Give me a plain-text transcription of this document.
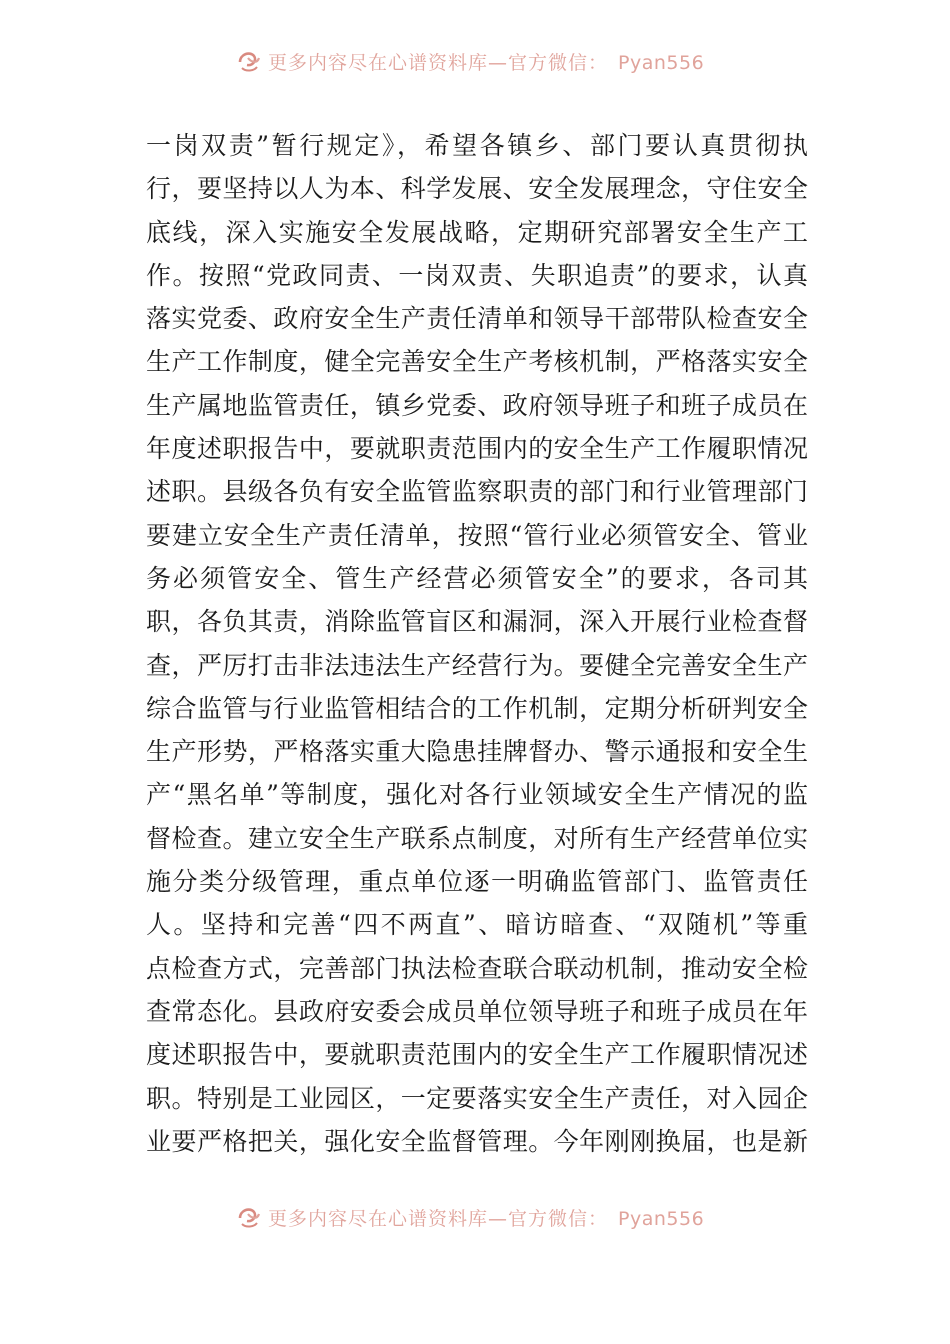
更多内容尽在心谱资料库—官方微信： Pyan556
一岗双责”暂行规定》，希望各镇乡、部门要认真贯彻执
行，要坚持以人为本、科学发展、安全发展理念，守住安全
底线，深入实施安全发展战略，定期研究部署安全生产工
作。按照“党政同责、一岗双责、失职追责”的要求，认真
落实党委、政府安全生产责任清单和领导干部带队检查安全
生产工作制度，健全完善安全生产考核机制，严格落实安全
生产属地监管责任，镇乡党委、政府领导班子和班子成员在
年度述职报告中，要就职责范围内的安全生产工作履职情况
述职。县级各负有安全监管监察职责的部门和行业管理部门
要建立安全生产责任清单，按照“管行业必须管安全、管业
务必须管安全、管生产经营必须管安全”的要求，各司其
职，各负其责，消除监管盲区和漏洞，深入开展行业检查督
查，严厉打击非法违法生产经营行为。要健全完善安全生产
综合监管与行业监管相结合的工作机制，定期分析研判安全
生产形势，严格落实重大隐患挂牌督办、警示通报和安全生
产“黑名单”等制度，强化对各行业领域安全生产情况的监
督检查。建立安全生产联系点制度，对所有生产经营单位实
施分类分级管理，重点单位逐一明确监管部门、监管责任
人。坚持和完善“四不两直”、暗访暗查、“双随机”等重
点检查方式，完善部门执法检查联合联动机制，推动安全检
查常态化。县政府安委会成员单位领导班子和班子成员在年
度述职报告中，要就职责范围内的安全生产工作履职情况述
职。特别是工业园区，一定要落实安全生产责任，对入园企
业要严格把关，强化安全监督管理。今年刚刚换届，也是新
更多内容尽在心谱资料库—官方微信： Pyan556
